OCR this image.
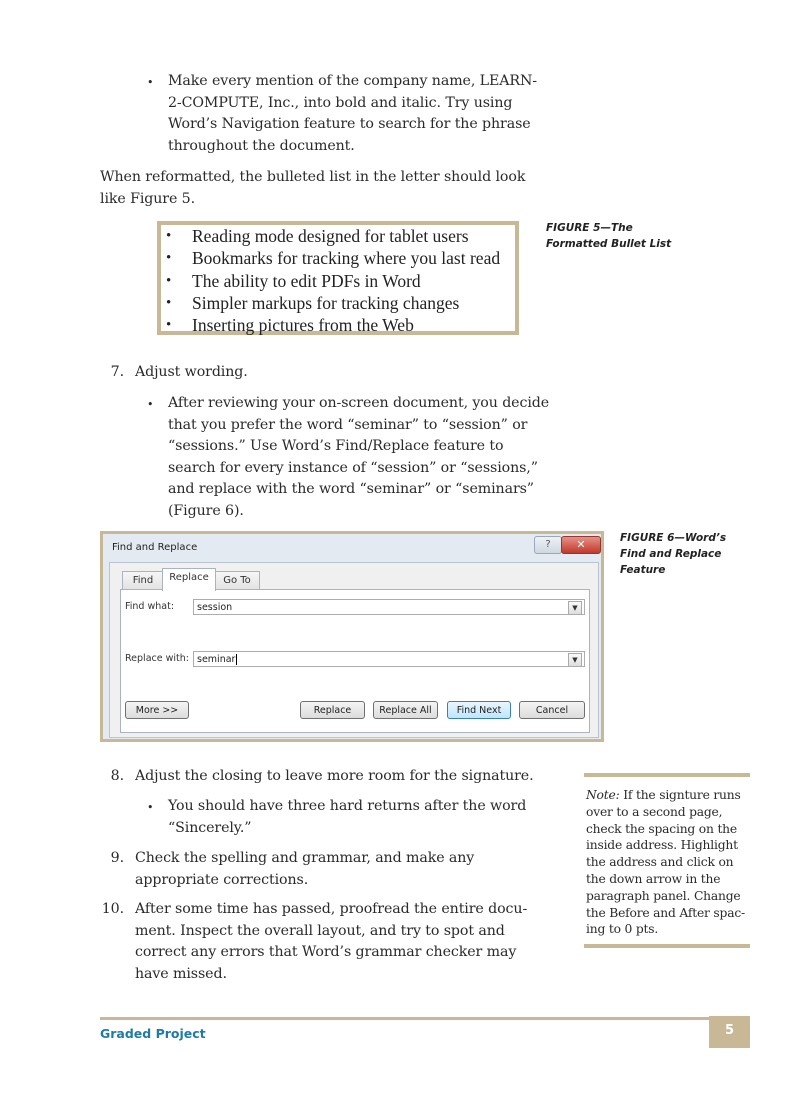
• Make every mention of the company name, LEARN-
2-COMPUTE, Inc., into bold and italic. Try using
Word’s Navigation feature to search for the phrase
throughout the document.
When reformatted, the bulleted list in the letter should look
like Figure 5.
• Reading mode designed for tablet users
• Bookmarks for tracking where you last read
• The ability to edit PDFs in Word
• Simpler markups for tracking changes
• Inserting pictures from the Web
FIGURE 5—The
Formatted Bullet List
7. Adjust wording.
• After reviewing your on-screen document, you decide
that you prefer the word “seminar” to “session” or
“sessions.” Use Word’s Find/Replace feature to
search for every instance of “session” or “sessions,”
and replace with the word “seminar” or “seminars”
(Figure 6).
Find and Replace	?	✕
Find	Replace	Go To
Find what:	session	▼
Replace with: seminar	▼
More >>	Replace	Replace All	Find Next	Cancel
FIGURE 6—Word’s
Find and Replace
Feature
8. Adjust the closing to leave more room for the signature.
• You should have three hard returns after the word
“Sincerely.”
9. Check the spelling and grammar, and make any
appropriate corrections.
10. After some time has passed, proofread the entire docu-
ment. Inspect the overall layout, and try to spot and
correct any errors that Word’s grammar checker may
have missed.

Note: If the signture runs over to a second page, check the spacing on the inside address. Highlight the address and click on the down arrow in the paragraph panel. Change the Before and After spac-ing to 0 pts.

Graded Project	5
